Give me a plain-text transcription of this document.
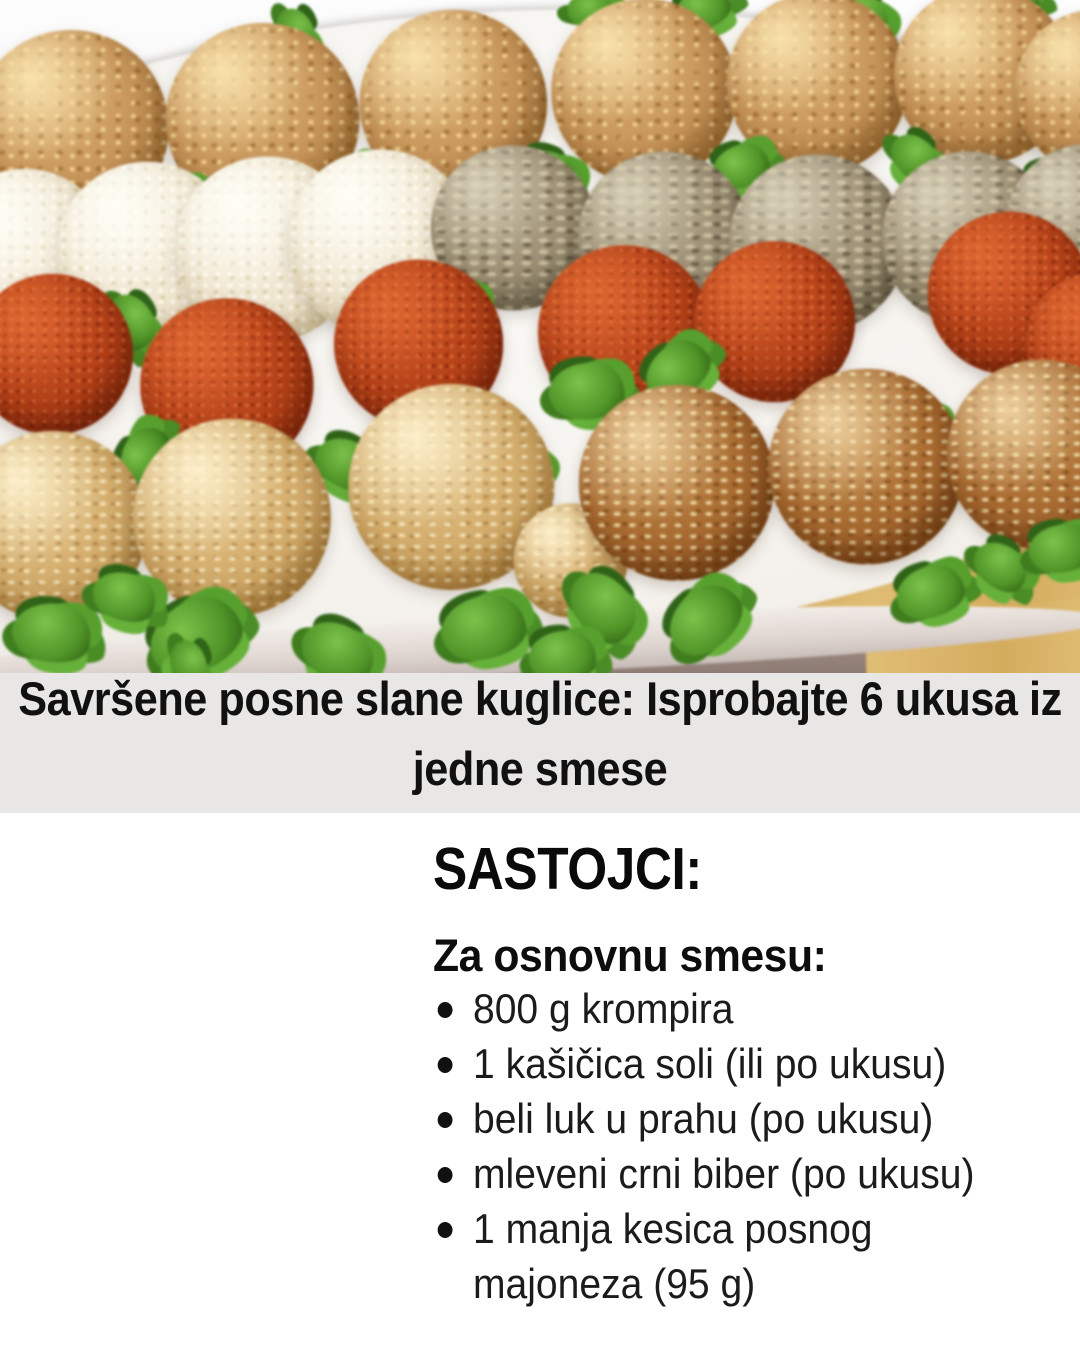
Savršene posne slane kuglice: Isprobajte 6 ukusa iz jedne smese
SASTOJCI:
Za osnovnu smesu:
800 g krompira
1 kašičica soli (ili po ukusu)
beli luk u prahu (po ukusu)
mleveni crni biber (po ukusu)
1 manja kesica posnog majoneza (95 g)
